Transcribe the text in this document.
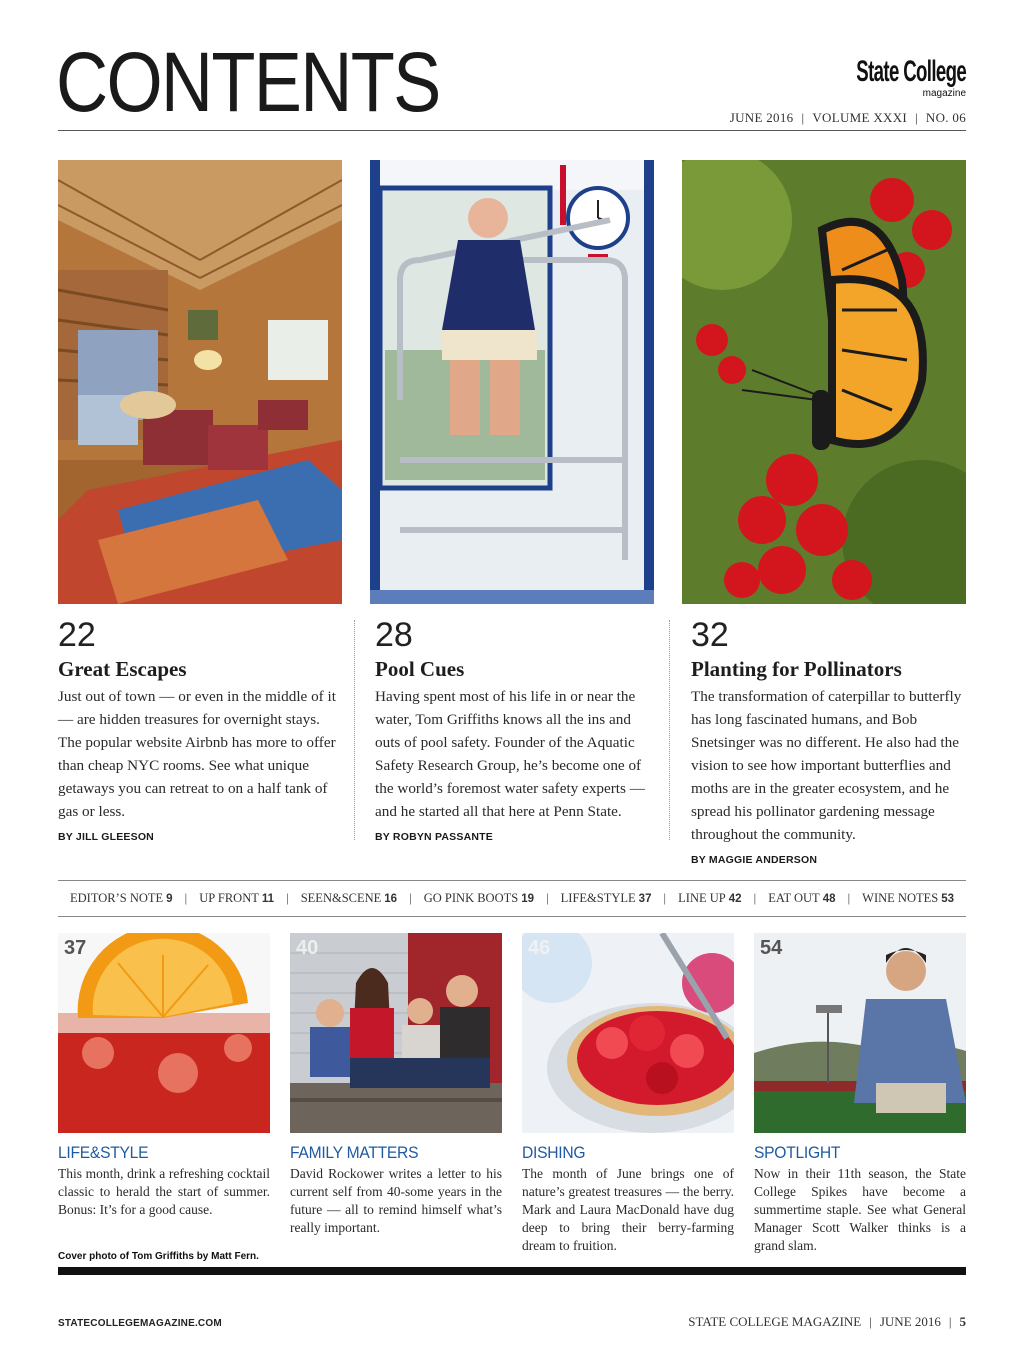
CONTENTS	State College
magazine
JUNE 2016 | VOLUME XXXI | NO. 06
22
Great Escapes
Just out of town — or even in the middle of it — are hidden treasures for overnight stays. The popular website Airbnb has more to offer than cheap NYC rooms. See what unique getaways you can retreat to on a half tank of gas or less.
BY JILL GLEESON
28
Pool Cues
Having spent most of his life in or near the water, Tom Griffiths knows all the ins and outs of pool safety. Founder of the Aquatic Safety Research Group, he’s become one of the world’s foremost water safety experts — and he started all that here at Penn State.
BY ROBYN PASSANTE
32
Planting for Pollinators
The transformation of caterpillar to butterfly has long fascinated humans, and Bob Snetsinger was no different. He also had the vision to see how important butterflies and moths are in the greater ecosystem, and he spread his pollinator gardening message throughout the community.
BY MAGGIE ANDERSON
EDITOR’S NOTE 9 | UP FRONT 11 | SEEN&SCENE 16 | GO PINK BOOTS 19 | LIFE&STYLE 37 | LINE UP 42 | EAT OUT 48 | WINE NOTES 53
37
LIFE&STYLE
This month, drink a refreshing cocktail classic to herald the start of summer. Bonus: It’s for a good cause.
40
FAMILY MATTERS
David Rockower writes a letter to his current self from 40-some years in the future — all to remind himself what’s really important.
46
DISHING
The month of June brings one of nature’s greatest treasures — the berry. Mark and Laura MacDonald have dug deep to bring their berry-farming dream to fruition.
54
SPOTLIGHT
Now in their 11th season, the State College Spikes have become a summertime staple. See what General Manager Scott Walker thinks is a grand slam.
Cover photo of Tom Griffiths by Matt Fern.
STATECOLLEGEMAGAZINE.COM	STATE COLLEGE MAGAZINE | JUNE 2016 | 5
